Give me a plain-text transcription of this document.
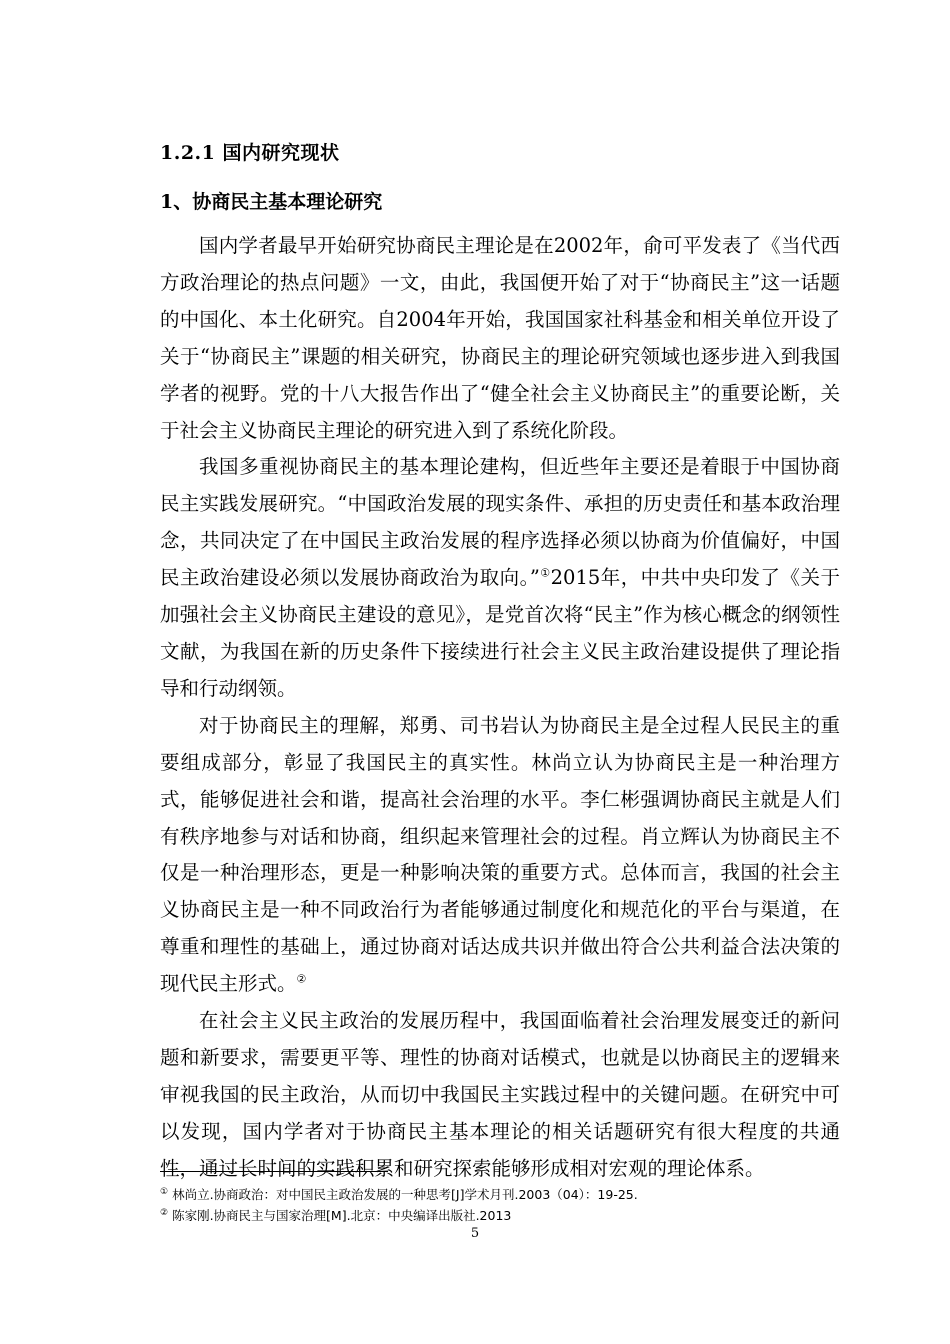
1.2.1 国内研究现状
1、协商民主基本理论研究

国内学者最早开始研究协商民主理论是在2002年，俞可平发表了《当代西方政治理论的热点问题》一文，由此，我国便开始了对于“协商民主”这一话题的中国化、本土化研究。自2004年开始，我国国家社科基金和相关单位开设了关于“协商民主”课题的相关研究，协商民主的理论研究领域也逐步进入到我国学者的视野。党的十八大报告作出了“健全社会主义协商民主”的重要论断，关于社会主义协商民主理论的研究进入到了系统化阶段。

我国多重视协商民主的基本理论建构，但近些年主要还是着眼于中国协商民主实践发展研究。“中国政治发展的现实条件、承担的历史责任和基本政治理念，共同决定了在中国民主政治发展的程序选择必须以协商为价值偏好，中国民主政治建设必须以发展协商政治为取向。”①2015年，中共中央印发了《关于加强社会主义协商民主建设的意见》，是党首次将“民主”作为核心概念的纲领性文献，为我国在新的历史条件下接续进行社会主义民主政治建设提供了理论指导和行动纲领。

对于协商民主的理解，郑勇、司书岩认为协商民主是全过程人民民主的重要组成部分，彰显了我国民主的真实性。林尚立认为协商民主是一种治理方式，能够促进社会和谐，提高社会治理的水平。李仁彬强调协商民主就是人们有秩序地参与对话和协商，组织起来管理社会的过程。肖立辉认为协商民主不仅是一种治理形态，更是一种影响决策的重要方式。总体而言，我国的社会主义协商民主是一种不同政治行为者能够通过制度化和规范化的平台与渠道，在尊重和理性的基础上，通过协商对话达成共识并做出符合公共利益合法决策的现代民主形式。②

在社会主义民主政治的发展历程中，我国面临着社会治理发展变迁的新问题和新要求，需要更平等、理性的协商对话模式，也就是以协商民主的逻辑来审视我国的民主政治，从而切中我国民主实践过程中的关键问题。在研究中可以发现，国内学者对于协商民主基本理论的相关话题研究有很大程度的共通性，通过长时间的实践积累和研究探索能够形成相对宏观的理论体系。

① 林尚立.协商政治：对中国民主政治发展的一种思考[J]学术月刊.2003（04）：19-25.
② 陈家刚.协商民主与国家治理[M].北京：中央编译出版社.2013
5
